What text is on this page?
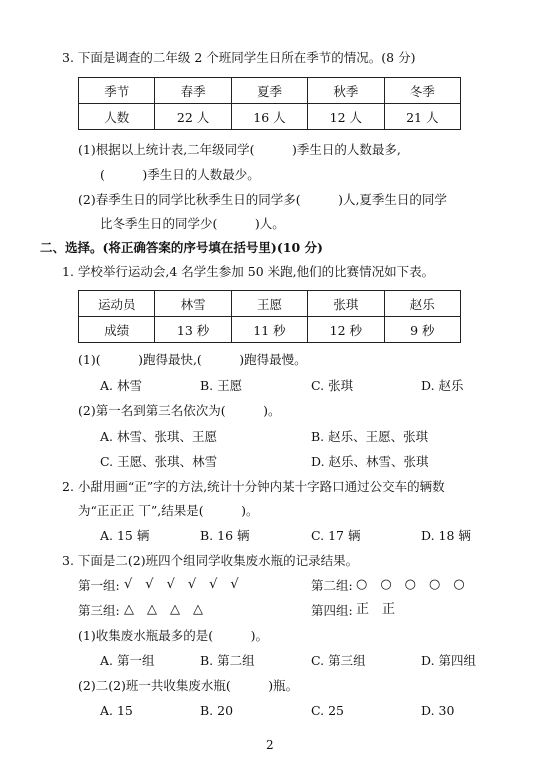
3. 下面是调查的二年级 2 个班同学生日所在季节的情况。(8 分)
季节	春季	夏季	秋季	冬季
人数	22 人	16 人	12 人	21 人
(1)根据以上统计表,二年级同学(　　　)季生日的人数最多,
(　　　)季生日的人数最少。
(2)春季生日的同学比秋季生日的同学多(　　　)人,夏季生日的同学
比冬季生日的同学少(　　　)人。
二、选择。(将正确答案的序号填在括号里)(10 分)
1. 学校举行运动会,4 名学生参加 50 米跑,他们的比赛情况如下表。
运动员	林雪	王愿	张琪	赵乐
成绩	13 秒	11 秒	12 秒	9 秒
(1)(　　　)跑得最快,(　　　)跑得最慢。
A. 林雪	B. 王愿	C. 张琪	D. 赵乐
(2)第一名到第三名依次为(　　　)。
A. 林雪、张琪、王愿	B. 赵乐、王愿、张琪
C. 王愿、张琪、林雪	D. 赵乐、林雪、张琪
2. 小甜用画“正”字的方法,统计十分钟内某十字路口通过公交车的辆数
为“正正正 丅”,结果是(　　　)。
A. 15 辆	B. 16 辆	C. 17 辆	D. 18 辆
3. 下面是二(2)班四个组同学收集废水瓶的记录结果。
第一组: √　√　√　√　√　√	第二组: ○　○　○　○　○
第三组: △　△　△　△	第四组: 正　正
(1)收集废水瓶最多的是(　　　)。
A. 第一组	B. 第二组	C. 第三组	D. 第四组
(2)二(2)班一共收集废水瓶(　　　)瓶。
A. 15	B. 20	C. 25	D. 30
2
